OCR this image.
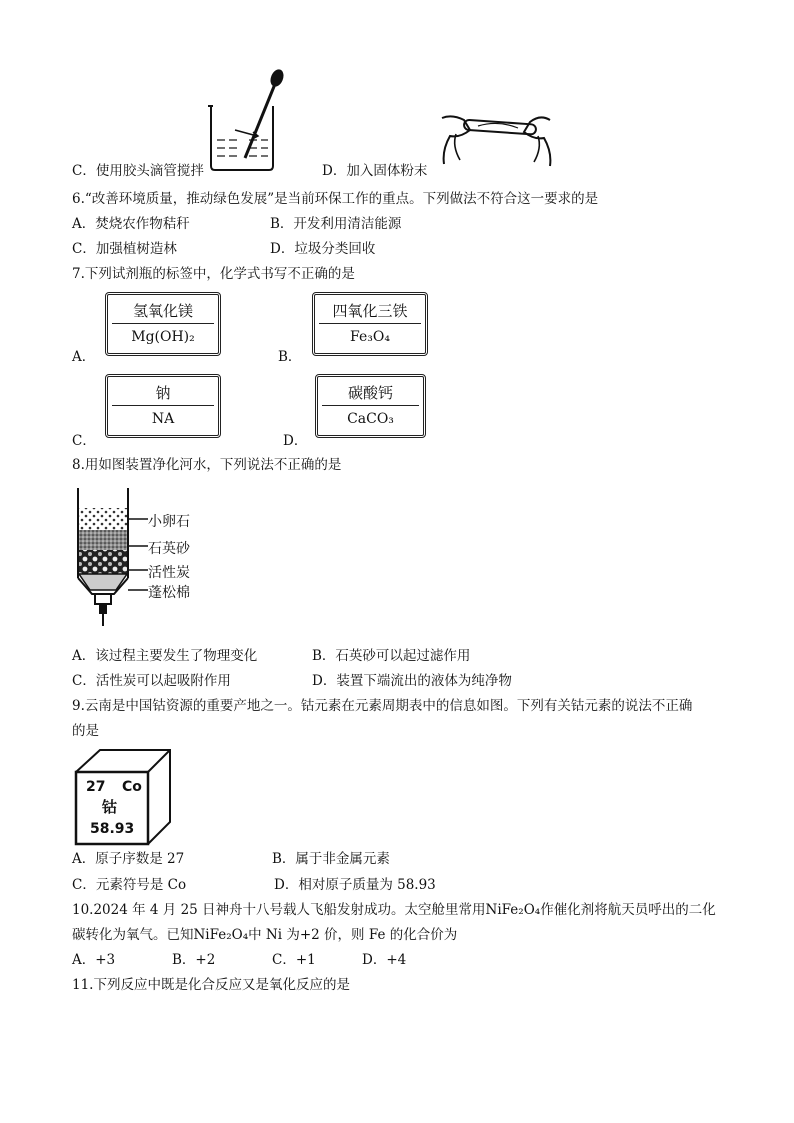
C．使用胶头滴管搅拌	D．加入固体粉末
6.“改善环境质量，推动绿色发展”是当前环保工作的重点。下列做法不符合这一要求的是
A．焚烧农作物秸秆	B．开发利用清洁能源
C．加强植树造林	D．垃圾分类回收
7.下列试剂瓶的标签中，化学式书写不正确的是
A．
氢氧化镁
Mg(OH)₂
B．
四氧化三铁
Fe₃O₄
C．
钠
NA
D．
碳酸钙
CaCO₃
8.用如图装置净化河水，下列说法不正确的是
小卵石
石英砂
活性炭
蓬松棉
A．该过程主要发生了物理变化	B．石英砂可以起过滤作用
C．活性炭可以起吸附作用	D．装置下端流出的液体为纯净物
9.云南是中国钴资源的重要产地之一。钴元素在元素周期表中的信息如图。下列有关钴元素的说法不正确
的是
27 Co
钴
58.93
A．原子序数是 27	B．属于非金属元素
C．元素符号是 Co	D．相对原子质量为 58.93
10.2024 年 4 月 25 日神舟十八号载人飞船发射成功。太空舱里常用NiFe₂O₄作催化剂将航天员呼出的二化
碳转化为氧气。已知NiFe₂O₄中 Ni 为+2 价，则 Fe 的化合价为
A．+3	B．+2	C．+1	D．+4
11.下列反应中既是化合反应又是氧化反应的是
